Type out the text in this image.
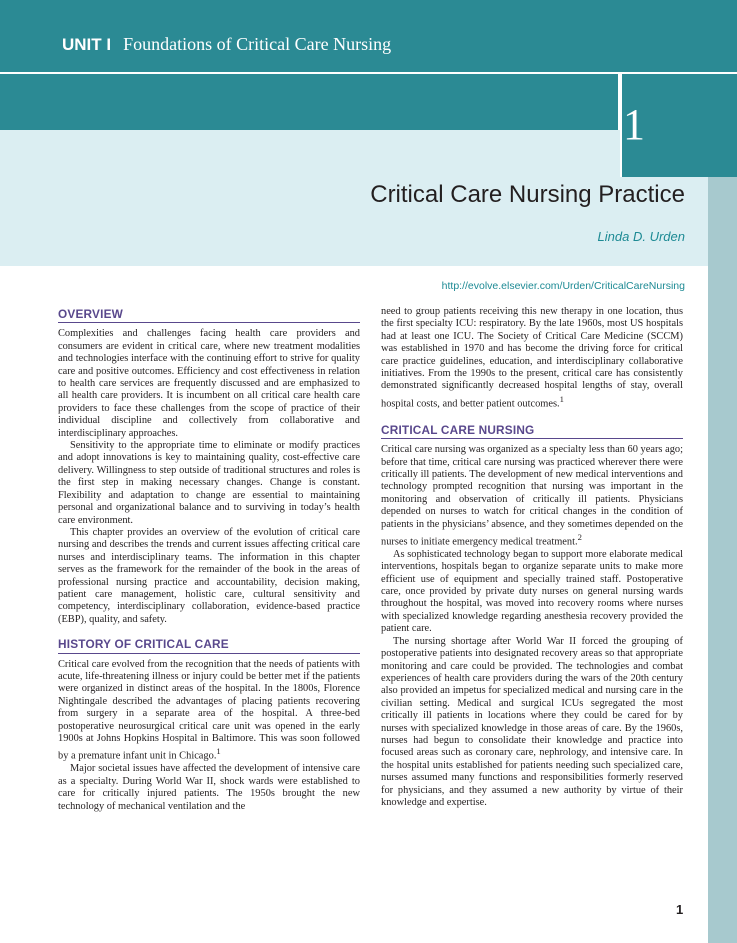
UNIT I Foundations of Critical Care Nursing
1
Critical Care Nursing Practice
Linda D. Urden
http://evolve.elsevier.com/Urden/CriticalCareNursing
OVERVIEW

Complexities and challenges facing health care providers and consumers are evident in critical care, where new treatment modalities and technologies interface with the continuing effort to strive for quality care and positive outcomes. Efficiency and cost effectiveness in relation to health care services are frequently discussed and are emphasized to all health care providers. It is incumbent on all critical care health care providers to face these challenges from the scope of practice of their individual discipline and collectively from collaborative and interdisciplinary approaches.

Sensitivity to the appropriate time to eliminate or modify practices and adopt innovations is key to maintaining quality, cost-effective care delivery. Willingness to step outside of traditional structures and roles is the first step in making necessary changes. Change is constant. Flexibility and adaptation to change are essential to maintaining personal and organizational balance and to surviving in today’s health care environment.

This chapter provides an overview of the evolution of critical care nursing and describes the trends and current issues affecting critical care nurses and interdisciplinary teams. The information in this chapter serves as the framework for the remainder of the book in the areas of professional nursing practice and accountability, decision making, patient care management, holistic care, cultural sensitivity and competency, interdisciplinary collaboration, evidence-based practice (EBP), quality, and safety.

HISTORY OF CRITICAL CARE

Critical care evolved from the recognition that the needs of patients with acute, life-threatening illness or injury could be better met if the patients were organized in distinct areas of the hospital. In the 1800s, Florence Nightingale described the advantages of placing patients recovering from surgery in a separate area of the hospital. A three-bed postoperative neurosurgical critical care unit was opened in the early 1900s at Johns Hopkins Hospital in Baltimore. This was soon followed by a premature infant unit in Chicago.$^1$

Major societal issues have affected the development of intensive care as a specialty. During World War II, shock wards were established to care for critically injured patients. The 1950s brought the new technology of mechanical ventilation and the

need to group patients receiving this new therapy in one location, thus the first specialty ICU: respiratory. By the late 1960s, most US hospitals had at least one ICU. The Society of Critical Care Medicine (SCCM) was established in 1970 and has become the driving force for critical care practice guidelines, education, and interdisciplinary collaborative initiatives. From the 1990s to the present, critical care has consistently demonstrated significantly decreased hospital lengths of stay, overall hospital costs, and better patient outcomes.$^1$

CRITICAL CARE NURSING

Critical care nursing was organized as a specialty less than 60 years ago; before that time, critical care nursing was practiced wherever there were critically ill patients. The development of new medical interventions and technology prompted recognition that nursing was important in the monitoring and observation of critically ill patients. Physicians depended on nurses to watch for critical changes in the condition of patients in the physicians’ absence, and they sometimes depended on the nurses to initiate emergency medical treatment.$^2$

As sophisticated technology began to support more elaborate medical interventions, hospitals began to organize separate units to make more efficient use of equipment and specially trained staff. Postoperative care, once provided by private duty nurses on general nursing wards throughout the hospital, was moved into recovery rooms where nurses with specialized knowledge regarding anesthesia recovery provided the patient care.

The nursing shortage after World War II forced the grouping of postoperative patients into designated recovery areas so that appropriate monitoring and care could be provided. The technologies and combat experiences of health care providers during the wars of the 20th century also provided an impetus for specialized medical and nursing care in the civilian setting. Medical and surgical ICUs segregated the most critically ill patients in locations where they could be cared for by nurses with specialized knowledge in those areas of care. By the 1960s, nurses had begun to consolidate their knowledge and practice into focused areas such as coronary care, nephrology, and intensive care. In the hospital units established for patients needing such specialized care, nurses assumed many functions and responsibilities formerly reserved for physicians, and they assumed a new authority by virtue of their knowledge and expertise.

1
